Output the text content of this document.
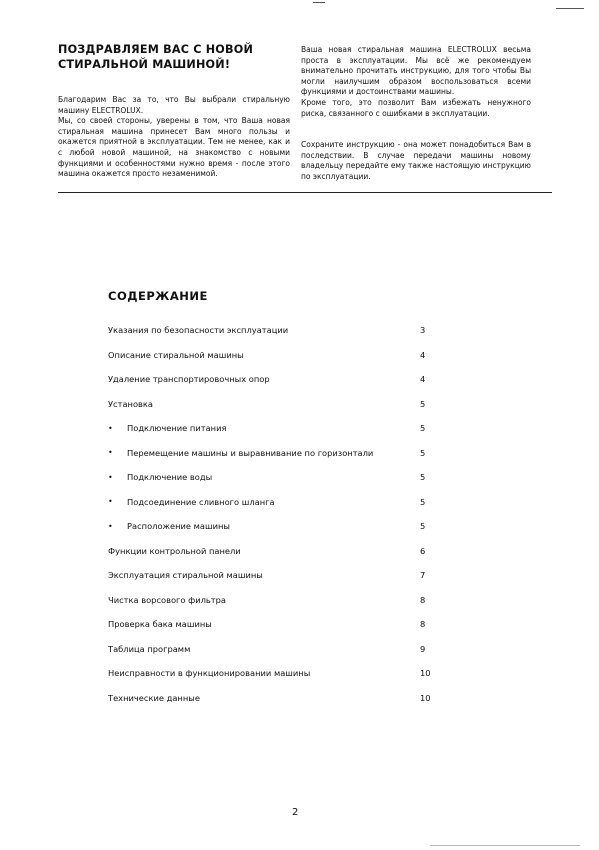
ПОЗДРАВЛЯЕМ ВАС С НОВОЙ
СТИРАЛЬНОЙ МАШИНОЙ!

Благодарим Вас за то, что Вы выбрали стиральную машину ELECTROLUX.

Мы, со своей стороны, уверены в том, что Ваша новая стиральная машина принесет Вам много пользы и окажется приятной в эксплуатации. Тем не менее, как и с любой новой машиной, на знакомство с новыми функциями и особенностями нужно время - после этого машина окажется просто незаменимой.

Ваша новая стиральная машина ELECTROLUX весьма проста в эксплуатации. Мы всё же рекомендуем внимательно прочитать инструкцию, для того чтобы Вы могли наилучшим образом воспользоваться всеми функциями и достоинствами машины.

Кроме того, это позволит Вам избежать ненужного риска, связанного с ошибками в эксплуатации.

Сохраните инструкцию - она может понадобиться Вам в последствии. В случае передачи машины новому владельцу передайте ему также настоящую инструкцию по эксплуатации.

СОДЕРЖАНИЕ
Указания по безопасности эксплуатации	3
Описание стиральной машины	4
Удаление транспортировочных опор	4
Установка	5
•	Подключение питания	5
•	Перемещение машины и выравнивание по горизонтали	5
•	Подключение воды	5
•	Подсоединение сливного шланга	5
•	Расположение машины	5
Функции контрольной панели	6
Эксплуатация стиральной машины	7
Чистка ворсового фильтра	8
Проверка бака машины	8
Таблица программ	9
Неисправности в функционировании машины	10
Технические данные	10
2
